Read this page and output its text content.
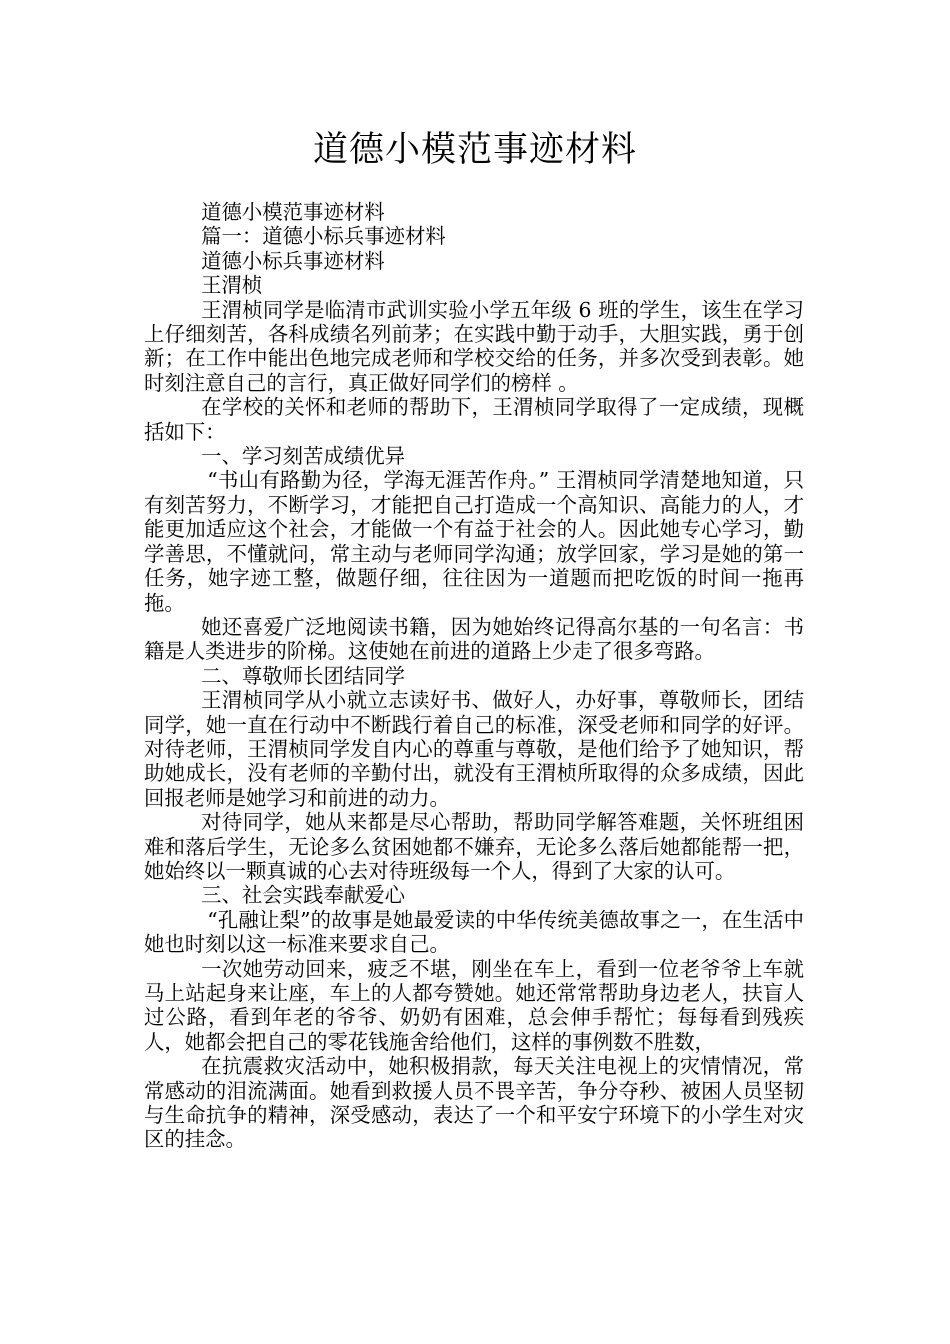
道德小模范事迹材料

道德小模范事迹材料

篇一：道德小标兵事迹材料

道德小标兵事迹材料

王渭桢

王渭桢同学是临清市武训实验小学五年级 6 班的学生，该生在学习上仔细刻苦，各科成绩名列前茅；在实践中勤于动手，大胆实践，勇于创新；在工作中能出色地完成老师和学校交给的任务，并多次受到表彰。她时刻注意自己的言行，真正做好同学们的榜样 。

在学校的关怀和老师的帮助下，王渭桢同学取得了一定成绩，现概括如下：

一、学习刻苦成绩优异

“书山有路勤为径，学海无涯苦作舟。” 王渭桢同学清楚地知道，只有刻苦努力，不断学习，才能把自己打造成一个高知识、高能力的人，才能更加适应这个社会，才能做一个有益于社会的人。因此她专心学习，勤学善思，不懂就问，常主动与老师同学沟通；放学回家，学习是她的第一任务，她字迹工整，做题仔细，往往因为一道题而把吃饭的时间一拖再拖。

她还喜爱广泛地阅读书籍，因为她始终记得高尔基的一句名言：书籍是人类进步的阶梯。这使她在前进的道路上少走了很多弯路。

二、尊敬师长团结同学

王渭桢同学从小就立志读好书、做好人，办好事，尊敬师长，团结同学，她一直在行动中不断践行着自己的标准，深受老师和同学的好评。对待老师，王渭桢同学发自内心的尊重与尊敬，是他们给予了她知识，帮助她成长，没有老师的辛勤付出，就没有王渭桢所取得的众多成绩，因此回报老师是她学习和前进的动力。

对待同学，她从来都是尽心帮助，帮助同学解答难题，关怀班组困难和落后学生，无论多么贫困她都不嫌弃，无论多么落后她都能帮一把，她始终以一颗真诚的心去对待班级每一个人，得到了大家的认可。

三、社会实践奉献爱心

“孔融让梨”的故事是她最爱读的中华传统美德故事之一，在生活中她也时刻以这一标准来要求自己。

一次她劳动回来，疲乏不堪，刚坐在车上，看到一位老爷爷上车就马上站起身来让座，车上的人都夸赞她。她还常常帮助身边老人，扶盲人过公路，看到年老的爷爷、奶奶有困难，总会伸手帮忙；每每看到残疾人，她都会把自己的零花钱施舍给他们，这样的事例数不胜数，

在抗震救灾活动中，她积极捐款，每天关注电视上的灾情情况，常常感动的泪流满面。她看到救援人员不畏辛苦，争分夺秒、被困人员坚韧与生命抗争的精神，深受感动，表达了一个和平安宁环境下的小学生对灾区的挂念。
